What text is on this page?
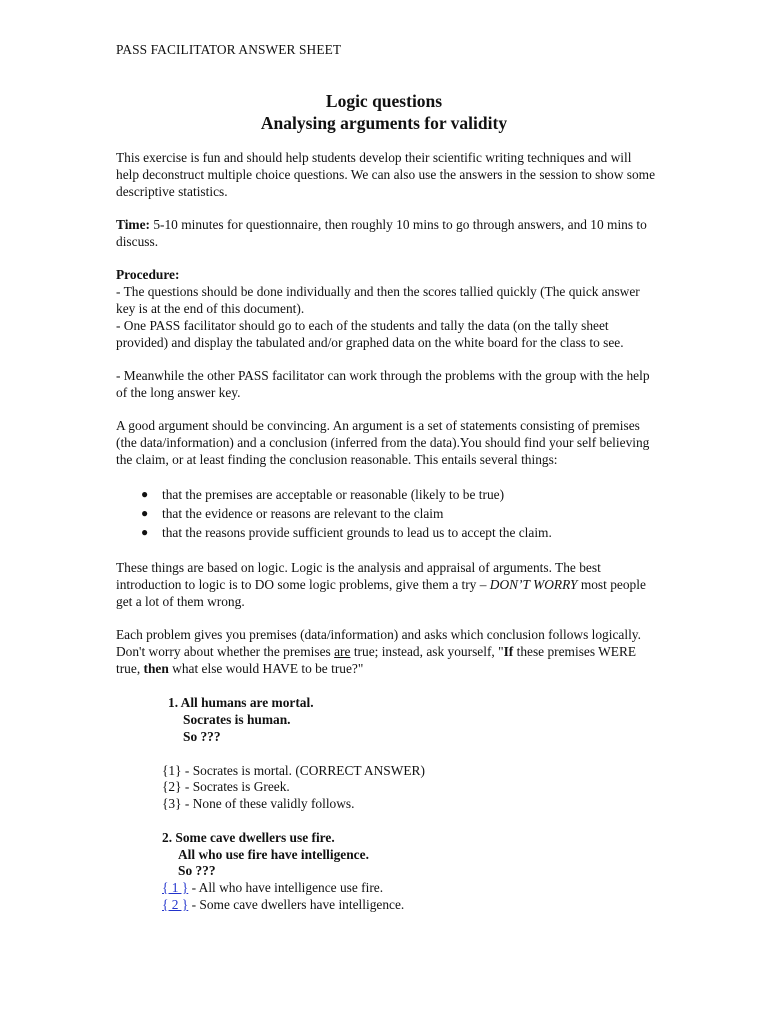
PASS FACILITATOR ANSWER SHEET
Logic questions
Analysing arguments for validity

This exercise is fun and should help students develop their scientific writing techniques and will help deconstruct multiple choice questions. We can also use the answers in the session to show some descriptive statistics.

Time: 5-10 minutes for questionnaire, then roughly 10 mins to go through answers, and 10 mins to discuss.

Procedure:

- The questions should be done individually and then the scores tallied quickly (The quick answer key is at the end of this document).

- One PASS facilitator should go to each of the students and tally the data (on the tally sheet provided) and display the tabulated and/or graphed data on the white board for the class to see.

- Meanwhile the other PASS facilitator can work through the problems with the group with the help of the long answer key.

A good argument should be convincing. An argument is a set of statements consisting of premises (the data/information) and a conclusion (inferred from the data).You should find your self believing the claim, or at least finding the conclusion reasonable. This entails several things:

● that the premises are acceptable or reasonable (likely to be true)
● that the evidence or reasons are relevant to the claim
● that the reasons provide sufficient grounds to lead us to accept the claim.

These things are based on logic. Logic is the analysis and appraisal of arguments. The best introduction to logic is to DO some logic problems, give them a try – DON’T WORRY most people get a lot of them wrong.

Each problem gives you premises (data/information) and asks which conclusion follows logically. Don't worry about whether the premises are true; instead, ask yourself, "If these premises WERE true, then what else would HAVE to be true?"

1. All humans are mortal.
Socrates is human.
So ???
{1} - Socrates is mortal. (CORRECT ANSWER)
{2} - Socrates is Greek.
{3} - None of these validly follows.
2. Some cave dwellers use fire.
All who use fire have intelligence.
So ???
{ 1 } - All who have intelligence use fire.
{ 2 } - Some cave dwellers have intelligence.
